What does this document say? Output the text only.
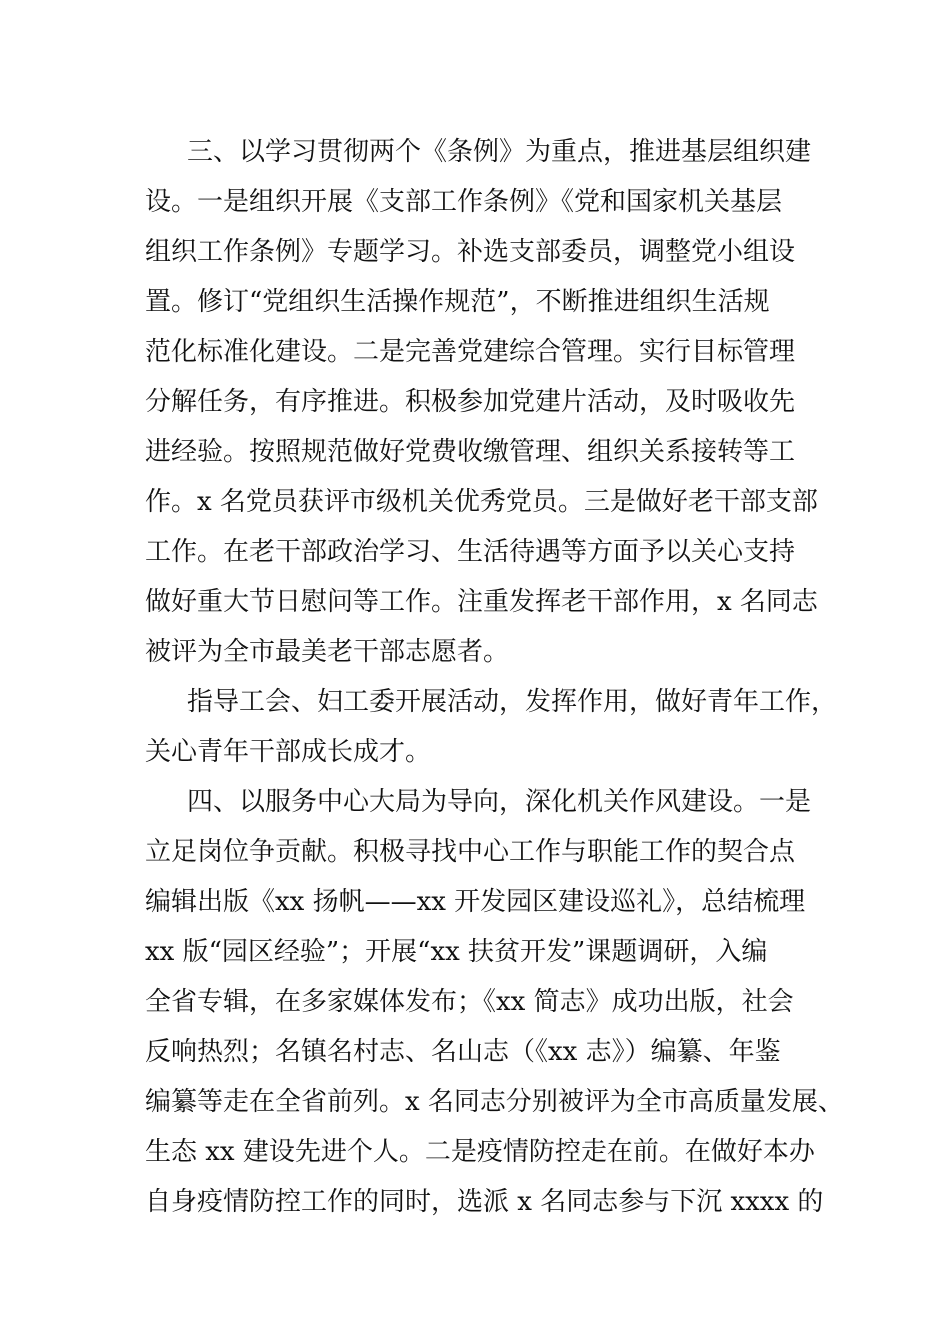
三、以学习贯彻两个《条例》为重点，推进基层组织建
设。一是组织开展《支部工作条例》《党和国家机关基层
组织工作条例》专题学习。补选支部委员，调整党小组设
置。修订“党组织生活操作规范”，不断推进组织生活规
范化标准化建设。二是完善党建综合管理。实行目标管理
分解任务，有序推进。积极参加党建片活动，及时吸收先
进经验。按照规范做好党费收缴管理、组织关系接转等工
作。x 名党员获评市级机关优秀党员。三是做好老干部支部
工作。在老干部政治学习、生活待遇等方面予以关心支持
做好重大节日慰问等工作。注重发挥老干部作用，x 名同志
被评为全市最美老干部志愿者。
指导工会、妇工委开展活动，发挥作用，做好青年工作，
关心青年干部成长成才。
四、以服务中心大局为导向，深化机关作风建设。一是
立足岗位争贡献。积极寻找中心工作与职能工作的契合点
编辑出版《xx 扬帆——xx 开发园区建设巡礼》，总结梳理
xx 版“园区经验”；开展“xx 扶贫开发”课题调研，入编
全省专辑，在多家媒体发布；《xx 简志》成功出版，社会
反响热烈；名镇名村志、名山志（《xx 志》）编纂、年鉴
编纂等走在全省前列。x 名同志分别被评为全市高质量发展、
生态 xx 建设先进个人。二是疫情防控走在前。在做好本办
自身疫情防控工作的同时，选派 x 名同志参与下沉 xxxx 的
